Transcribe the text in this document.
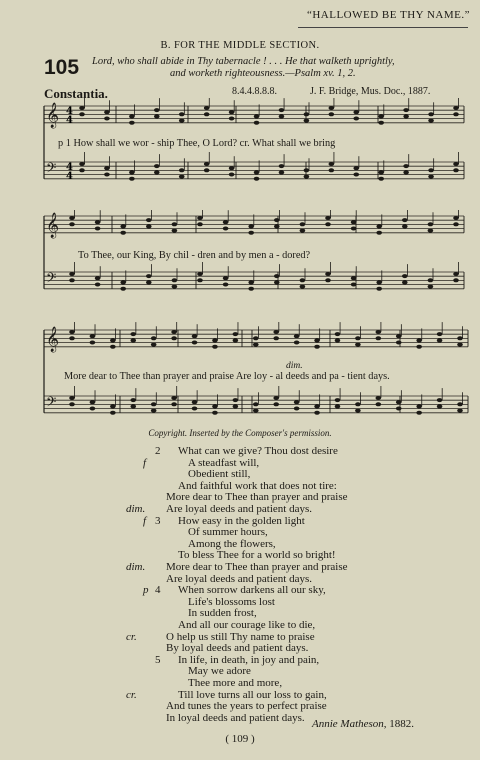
“HALLOWED BE THY NAME.”
B. FOR THE MIDDLE SECTION.
105 Lord, who shall abide in Thy tabernacle ! . . . He that walketh uprightly,
and worketh righteousness.—Psalm xv. 1, 2.
Constantia.	8.4.4.8.8.8.	J. F. Bridge, Mus. Doc., 1887.
𝄞 4
4
𝄢 4
4
p 1 How shall we wor - ship Thee, O Lord? cr. What shall we bring
𝄞
𝄢
To Thee, our King, By chil - dren and by men a - dored?
𝄞
𝄢
dim.
More dear to Thee than prayer and praise Are loy - al deeds and pa - tient days.
Copyright. Inserted by the Composer's permission.
2 What can we give? Thou dost desire
f	A steadfast will,
Obedient still,
And faithful work that does not tire:
More dear to Thee than prayer and praise
dim. Are loyal deeds and patient days.
f 3 How easy in the golden light
Of summer hours,
Among the flowers,
To bless Thee for a world so bright!
dim. More dear to Thee than prayer and praise
Are loyal deeds and patient days.
p 4 When sorrow darkens all our sky,
Life's blossoms lost
In sudden frost,
And all our courage like to die,
cr.	O help us still Thy name to praise
By loyal deeds and patient days.
5 In life, in death, in joy and pain,
May we adore
Thee more and more,
cr.	Till love turns all our loss to gain,
And tunes the years to perfect praise
In loyal deeds and patient days.
Annie Matheson, 1882.
( 109 )
